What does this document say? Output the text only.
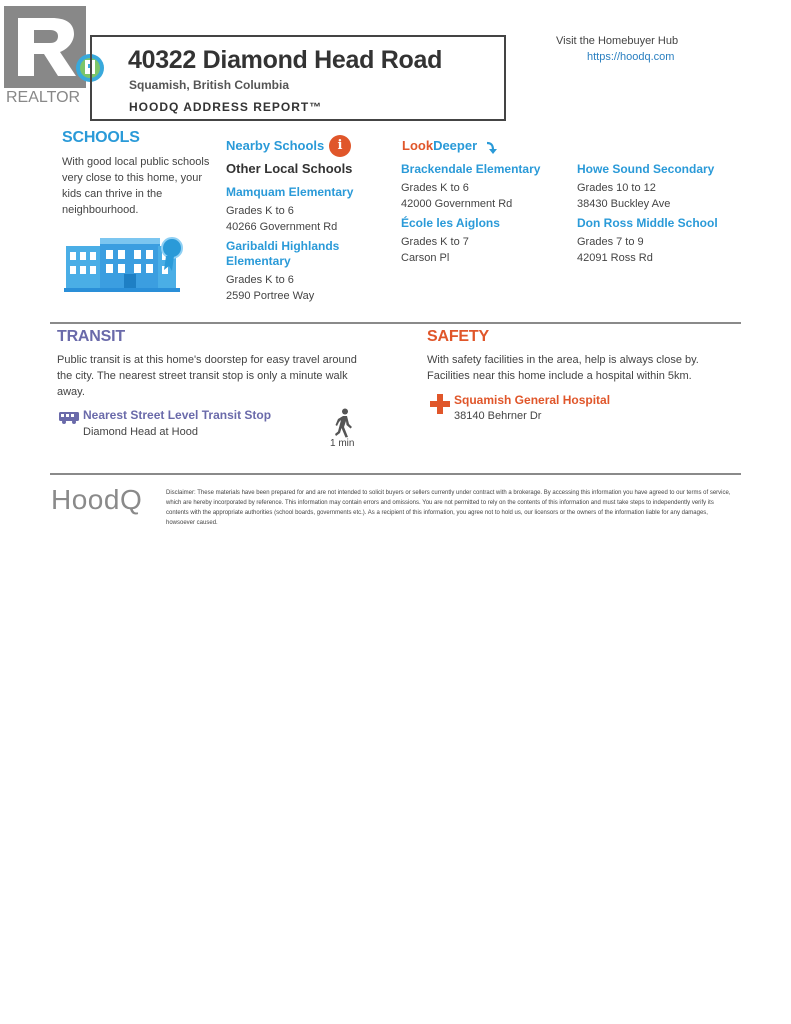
REALTOR
40322 Diamond Head Road
Squamish, British Columbia
HOODQ ADDRESS REPORT™
Visit the Homebuyer Hub
https://hoodq.com
SCHOOLS
With good local public schools very close to this home, your kids can thrive in the neighbourhood.
Nearby Schools	i
Other Local Schools
Mamquam Elementary
Grades K to 6
40266 Government Rd
Garibaldi Highlands Elementary
Grades K to 6
2590 Portree Way
LookDeeper
Brackendale Elementary
Grades K to 6
42000 Government Rd
École les Aiglons
Grades K to 7
Carson Pl
Howe Sound Secondary
Grades 10 to 12
38430 Buckley Ave
Don Ross Middle School
Grades 7 to 9
42091 Ross Rd
TRANSIT
Public transit is at this home's doorstep for easy travel around the city. The nearest street transit stop is only a minute walk away.
Nearest Street Level Transit Stop
Diamond Head at Hood
1 min
SAFETY
With safety facilities in the area, help is always close by. Facilities near this home include a hospital within 5km.
Squamish General Hospital
38140 Behrner Dr
HoodQ	Disclaimer: These materials have been prepared for and are not intended to solicit buyers or sellers currently under contract with a brokerage. By accessing this information you have agreed to our terms of service, which are hereby incorporated by reference. This information may contain errors and omissions. You are not permitted to rely on the contents of this information and must take steps to independently verify its contents with the appropriate authorities (school boards, governments etc.). As a recipient of this information, you agree not to hold us, our licensors or the owners of the information liable for any damages, howsoever caused.
